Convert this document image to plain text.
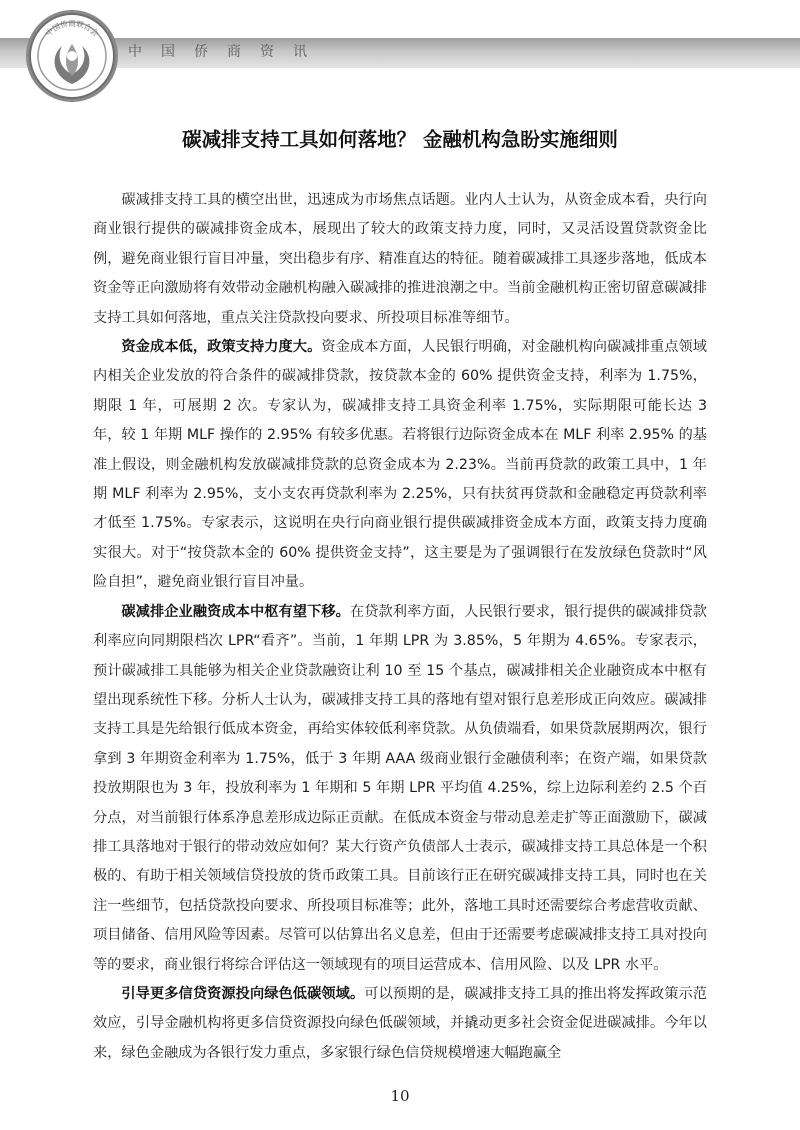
中国侨商资讯
中国侨商联合会
碳减排支持工具如何落地？ 金融机构急盼实施细则

碳减排支持工具的横空出世，迅速成为市场焦点话题。业内人士认为，从资金成本看，央行向商业银行提供的碳减排资金成本，展现出了较大的政策支持力度，同时，又灵活设置贷款资金比例，避免商业银行盲目冲量，突出稳步有序、精准直达的特征。随着碳减排工具逐步落地，低成本资金等正向激励将有效带动金融机构融入碳减排的推进浪潮之中。当前金融机构正密切留意碳减排支持工具如何落地，重点关注贷款投向要求、所投项目标准等细节。

资金成本低，政策支持力度大。资金成本方面，人民银行明确，对金融机构向碳减排重点领域内相关企业发放的符合条件的碳减排贷款，按贷款本金的 60% 提供资金支持，利率为 1.75%，期限 1 年，可展期 2 次。专家认为，碳减排支持工具资金利率 1.75%，实际期限可能长达 3 年，较 1 年期 MLF 操作的 2.95% 有较多优惠。若将银行边际资金成本在 MLF 利率 2.95% 的基准上假设，则金融机构发放碳减排贷款的总资金成本为 2.23%。当前再贷款的政策工具中，1 年期 MLF 利率为 2.95%，支小支农再贷款利率为 2.25%，只有扶贫再贷款和金融稳定再贷款利率才低至 1.75%。专家表示，这说明在央行向商业银行提供碳减排资金成本方面，政策支持力度确实很大。对于“按贷款本金的 60% 提供资金支持”，这主要是为了强调银行在发放绿色贷款时“风险自担”，避免商业银行盲目冲量。

碳减排企业融资成本中枢有望下移。在贷款利率方面，人民银行要求，银行提供的碳减排贷款利率应向同期限档次 LPR“看齐”。当前，1 年期 LPR 为 3.85%，5 年期为 4.65%。专家表示，预计碳减排工具能够为相关企业贷款融资让利 10 至 15 个基点，碳减排相关企业融资成本中枢有望出现系统性下移。分析人士认为，碳减排支持工具的落地有望对银行息差形成正向效应。碳减排支持工具是先给银行低成本资金，再给实体较低利率贷款。从负债端看，如果贷款展期两次，银行拿到 3 年期资金利率为 1.75%，低于 3 年期 AAA 级商业银行金融债利率；在资产端，如果贷款投放期限也为 3 年，投放利率为 1 年期和 5 年期 LPR 平均值 4.25%，综上边际利差约 2.5 个百分点，对当前银行体系净息差形成边际正贡献。在低成本资金与带动息差走扩等正面激励下，碳减排工具落地对于银行的带动效应如何？某大行资产负债部人士表示，碳减排支持工具总体是一个积极的、有助于相关领域信贷投放的货币政策工具。目前该行正在研究碳减排支持工具，同时也在关注一些细节，包括贷款投向要求、所投项目标准等；此外，落地工具时还需要综合考虑营收贡献、项目储备、信用风险等因素。尽管可以估算出名义息差，但由于还需要考虑碳减排支持工具对投向等的要求，商业银行将综合评估这一领域现有的项目运营成本、信用风险、以及 LPR 水平。

引导更多信贷资源投向绿色低碳领域。可以预期的是，碳减排支持工具的推出将发挥政策示范效应，引导金融机构将更多信贷资源投向绿色低碳领域，并撬动更多社会资金促进碳减排。今年以来，绿色金融成为各银行发力重点，多家银行绿色信贷规模增速大幅跑赢全

10
